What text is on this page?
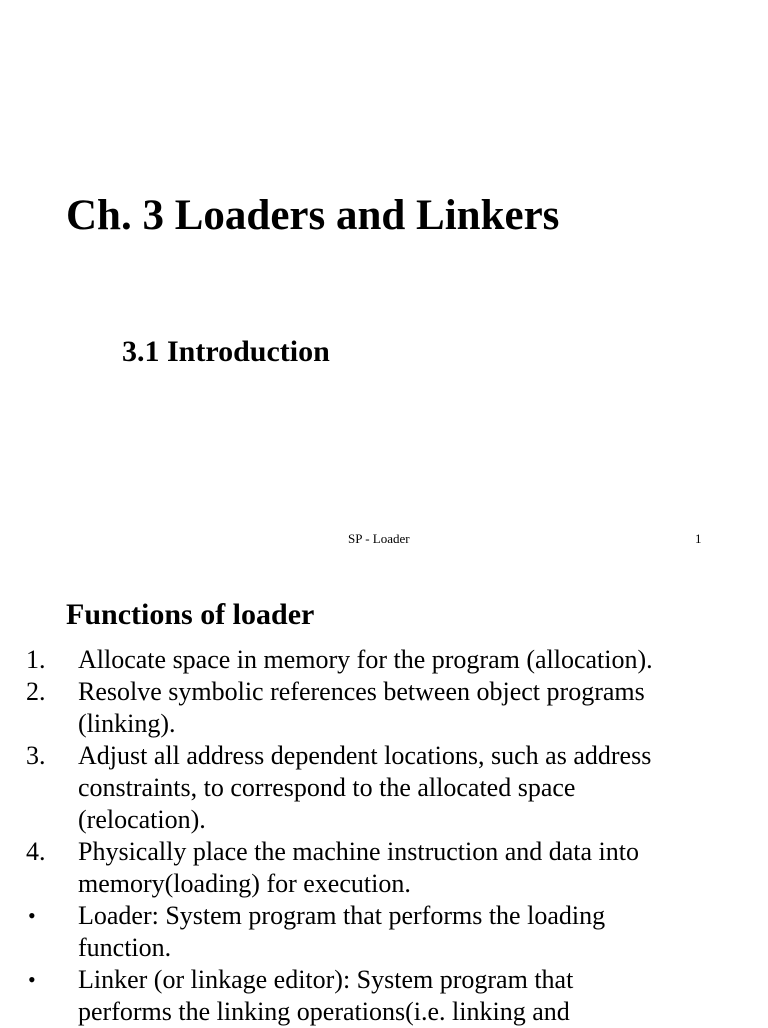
Ch. 3 Loaders and Linkers
3.1 Introduction
SP - Loader	1
Functions of loader
1.	Allocate space in memory for the program (allocation).
2.	Resolve symbolic references between object programs
(linking).
3.	Adjust all address dependent locations, such as address
constraints, to correspond to the allocated space
(relocation).
4.	Physically place the machine instruction and data into
memory(loading) for execution.
•	Loader: System program that performs the loading
function.
•	Linker (or linkage editor): System program that
performs the linking operations(i.e. linking and
